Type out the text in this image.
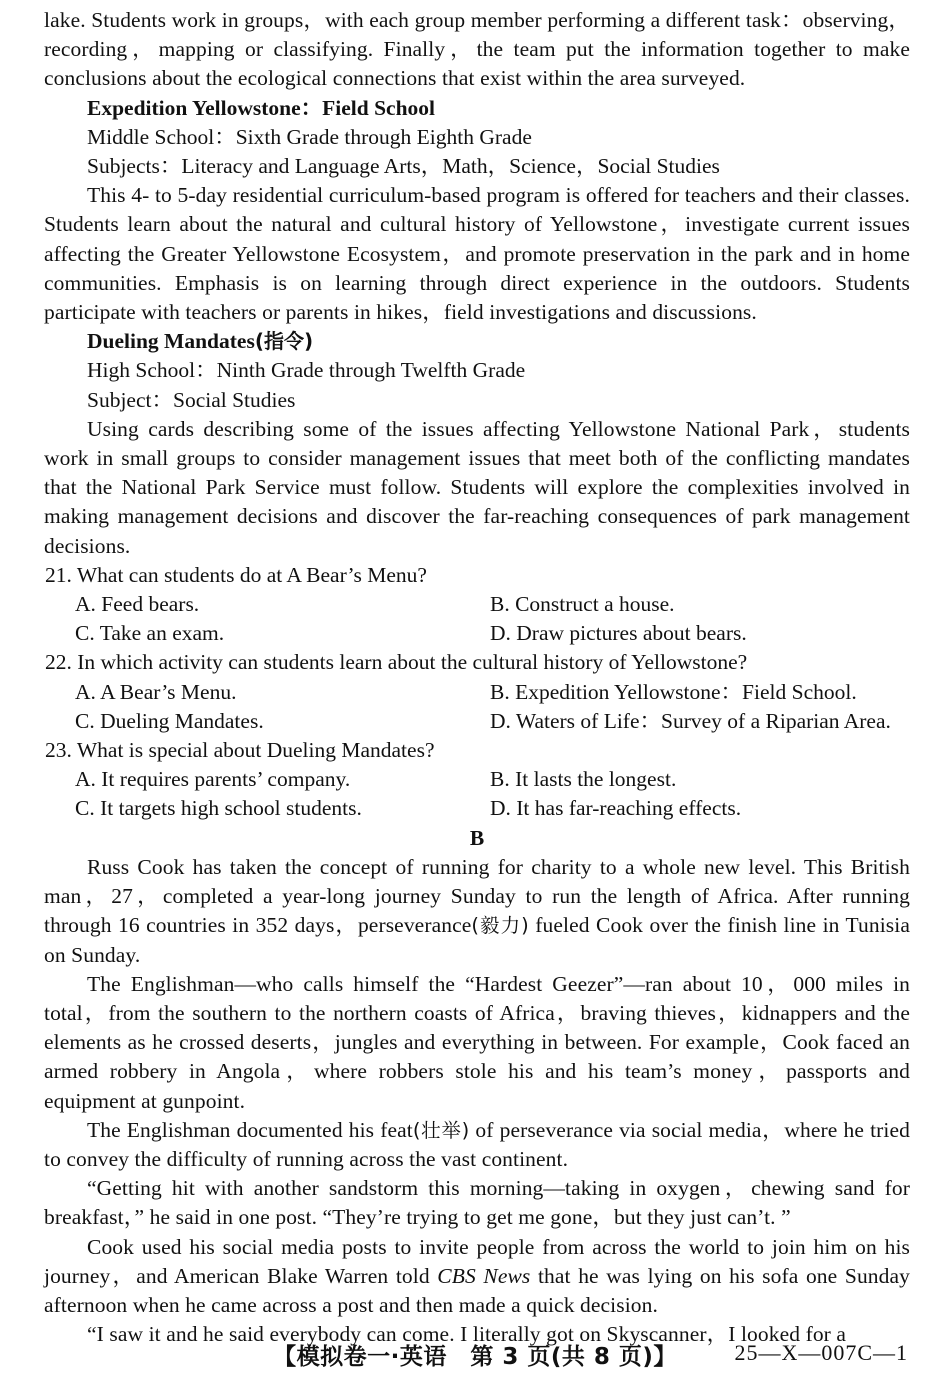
lake. Students work in groups，with each group member performing a different task：observing，recording，mapping or classifying. Finally，the team put the information together to make conclusions about the ecological connections that exist within the area surveyed.

Expedition Yellowstone：Field School

Middle School：Sixth Grade through Eighth Grade

Subjects：Literacy and Language Arts，Math，Science，Social Studies

This 4- to 5-day residential curriculum-based program is offered for teachers and their classes. Students learn about the natural and cultural history of Yellowstone，investigate current issues affecting the Greater Yellowstone Ecosystem，and promote preservation in the park and in home communities. Emphasis is on learning through direct experience in the outdoors. Students participate with teachers or parents in hikes，field investigations and discussions.

Dueling Mandates(指令)

High School：Ninth Grade through Twelfth Grade

Subject：Social Studies

Using cards describing some of the issues affecting Yellowstone National Park，students work in small groups to consider management issues that meet both of the conflicting mandates that the National Park Service must follow. Students will explore the complexities involved in making management decisions and discover the far-reaching consequences of park management decisions.

21. What can students do at A Bear’s Menu?

A. Feed bears.	B. Construct a house.
C. Take an exam.	D. Draw pictures about bears.

22. In which activity can students learn about the cultural history of Yellowstone?

A. A Bear’s Menu.	B. Expedition Yellowstone：Field School.
C. Dueling Mandates.	D. Waters of Life：Survey of a Riparian Area.

23. What is special about Dueling Mandates?

A. It requires parents’ company.	B. It lasts the longest.
C. It targets high school students.	D. It has far-reaching effects.

B

Russ Cook has taken the concept of running for charity to a whole new level. This British man，27，completed a year-long journey Sunday to run the length of Africa. After running through 16 countries in 352 days，perseverance(毅力) fueled Cook over the finish line in Tunisia on Sunday.

The Englishman—who calls himself the “Hardest Geezer”—ran about 10，000 miles in total，from the southern to the northern coasts of Africa，braving thieves，kidnappers and the elements as he crossed deserts，jungles and everything in between. For example，Cook faced an armed robbery in Angola，where robbers stole his and his team’s money，passports and equipment at gunpoint.

The Englishman documented his feat(壮举) of perseverance via social media，where he tried to convey the difficulty of running across the vast continent.

“Getting hit with another sandstorm this morning—taking in oxygen，chewing sand for breakfast，” he said in one post. “They’re trying to get me gone，but they just can’t. ”

Cook used his social media posts to invite people from across the world to join him on his journey，and American Blake Warren told CBS News that he was lying on his sofa one Sunday afternoon when he came across a post and then made a quick decision.

“I saw it and he said everybody can come. I literally got on Skyscanner，I looked for a

【模拟卷一·英语　第 3 页(共 8 页)】	25—X—007C—1
